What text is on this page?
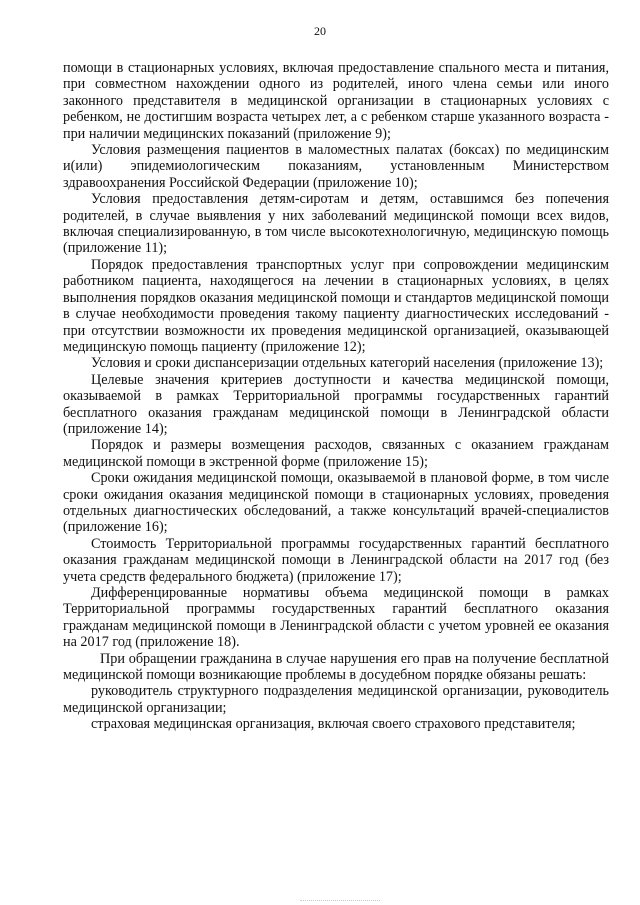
20

помощи в стационарных условиях, включая предоставление спального места и питания, при совместном нахождении одного из родителей, иного члена семьи или иного законного представителя в медицинской организации в стационарных условиях с ребенком, не достигшим возраста четырех лет, а с ребенком старше указанного возраста - при наличии медицинских показаний (приложение 9);

Условия размещения пациентов в маломестных палатах (боксах) по медицинским и(или) эпидемиологическим показаниям, установленным Министерством здравоохранения Российской Федерации (приложение 10);

Условия предоставления детям-сиротам и детям, оставшимся без попечения родителей, в случае выявления у них заболеваний медицинской помощи всех видов, включая специализированную, в том числе высокотехнологичную, медицинскую помощь (приложение 11);

Порядок предоставления транспортных услуг при сопровождении медицинским работником пациента, находящегося на лечении в стационарных условиях, в целях выполнения порядков оказания медицинской помощи и стандартов медицинской помощи в случае необходимости проведения такому пациенту диагностических исследований - при отсутствии возможности их проведения медицинской организацией, оказывающей медицинскую помощь пациенту (приложение 12);

Условия и сроки диспансеризации отдельных категорий населения (приложение 13);

Целевые значения критериев доступности и качества медицинской помощи, оказываемой в рамках Территориальной программы государственных гарантий бесплатного оказания гражданам медицинской помощи в Ленинградской области (приложение 14);

Порядок и размеры возмещения расходов, связанных с оказанием гражданам медицинской помощи в экстренной форме (приложение 15);

Сроки ожидания медицинской помощи, оказываемой в плановой форме, в том числе сроки ожидания оказания медицинской помощи в стационарных условиях, проведения отдельных диагностических обследований, а также консультаций врачей-специалистов (приложение 16);

Стоимость Территориальной программы государственных гарантий бесплатного оказания гражданам медицинской помощи в Ленинградской области на 2017 год (без учета средств федерального бюджета) (приложение 17);

Дифференцированные нормативы объема медицинской помощи в рамках Территориальной программы государственных гарантий бесплатного оказания гражданам медицинской помощи в Ленинградской области с учетом уровней ее оказания на 2017 год (приложение 18).

При обращении гражданина в случае нарушения его прав на получение бесплатной медицинской помощи возникающие проблемы в досудебном порядке обязаны решать:

руководитель структурного подразделения медицинской организации, руководитель медицинской организации;

страховая медицинская организация, включая своего страхового представителя;
